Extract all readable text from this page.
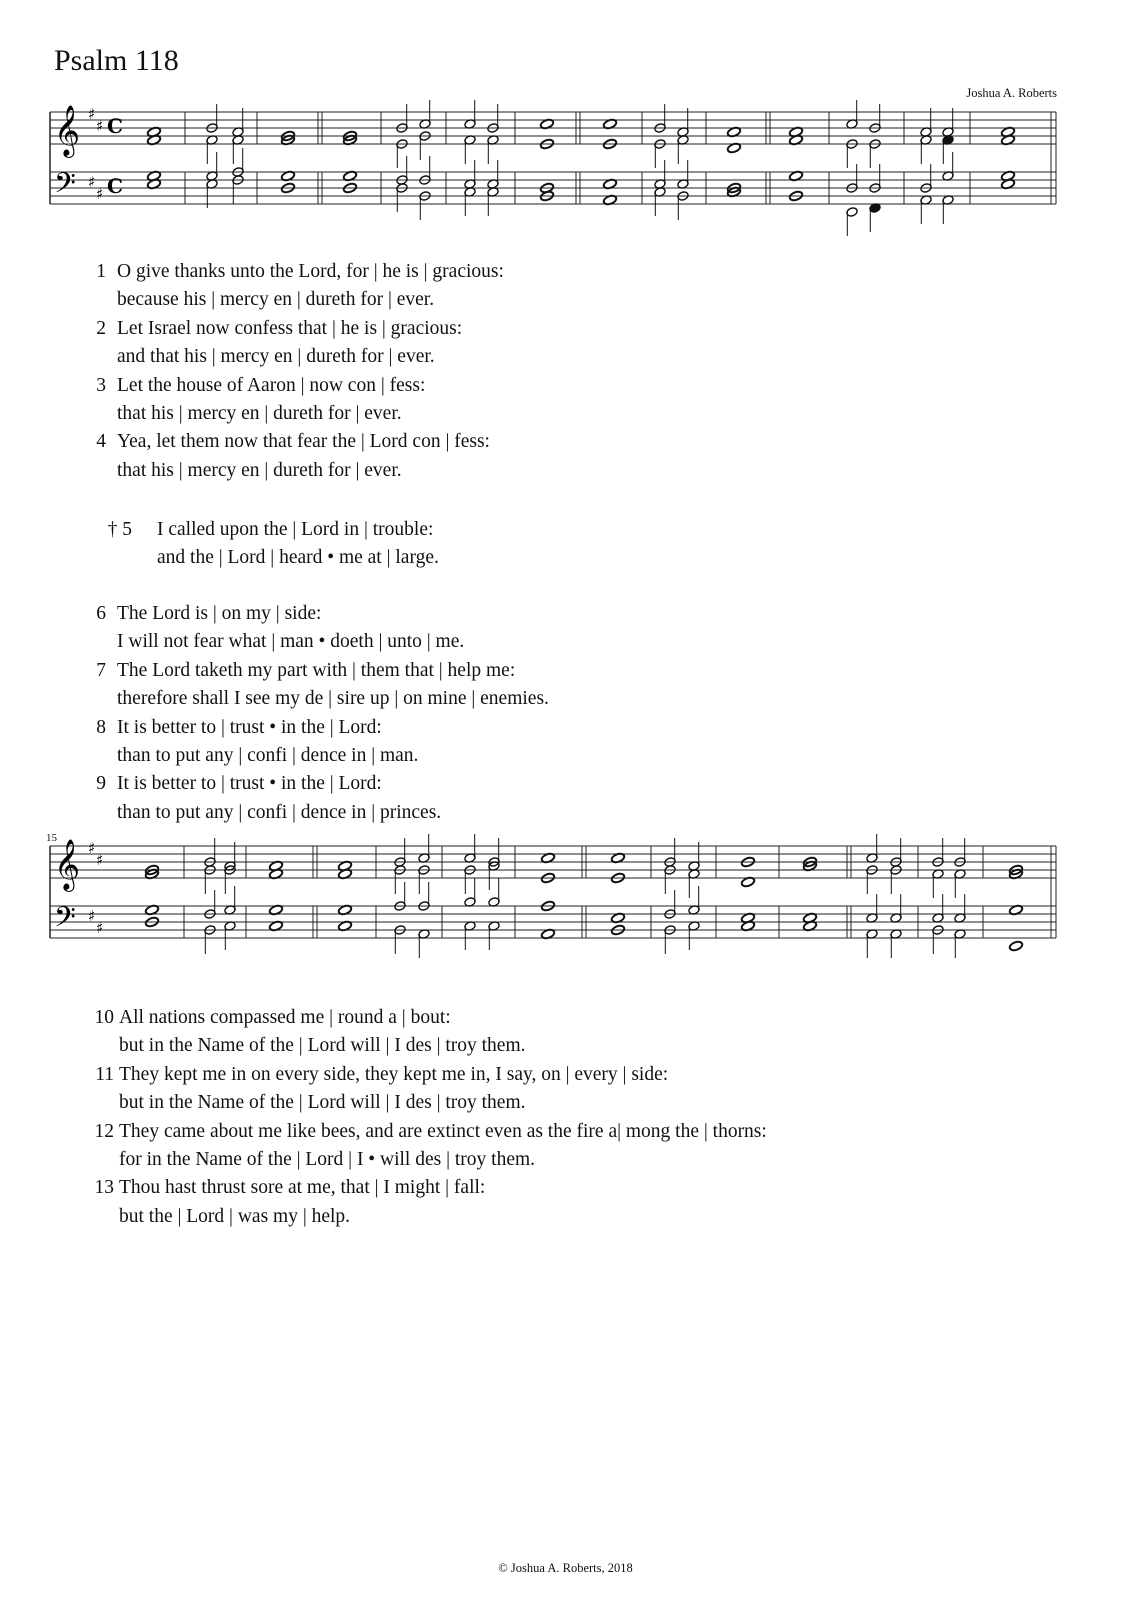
Psalm 118
Joshua A. Roberts
𝄞
𝄢
♯
♯
♯
♯
C
C
1 O give thanks unto the Lord, for | he is | gracious:
because his | mercy en | dureth for | ever.
2 Let Israel now confess that | he is | gracious:
and that his | mercy en | dureth for | ever.
3 Let the house of Aaron | now con | fess:
that his | mercy en | dureth for | ever.
4 Yea, let them now that fear the | Lord con | fess:
that his | mercy en | dureth for | ever.
† 5	I called upon the | Lord in | trouble:
and the | Lord | heard • me at | large.
6 The Lord is | on my | side:
I will not fear what | man • doeth | unto | me.
7 The Lord taketh my part with | them that | help me:
therefore shall I see my de | sire up | on mine | enemies.
8 It is better to | trust • in the | Lord:
than to put any | confi | dence in | man.
9 It is better to | trust • in the | Lord:
than to put any | confi | dence in | princes.
15
𝄞
𝄢
♯
♯
♯
♯
10 All nations compassed me | round a | bout:
but in the Name of the | Lord will | I des | troy them.
11 They kept me in on every side, they kept me in, I say, on | every | side:
but in the Name of the | Lord will | I des | troy them.
12 They came about me like bees, and are extinct even as the fire a| mong the | thorns:
for in the Name of the | Lord | I • will des | troy them.
13 Thou hast thrust sore at me, that | I might | fall:
but the | Lord | was my | help.
© Joshua A. Roberts, 2018
